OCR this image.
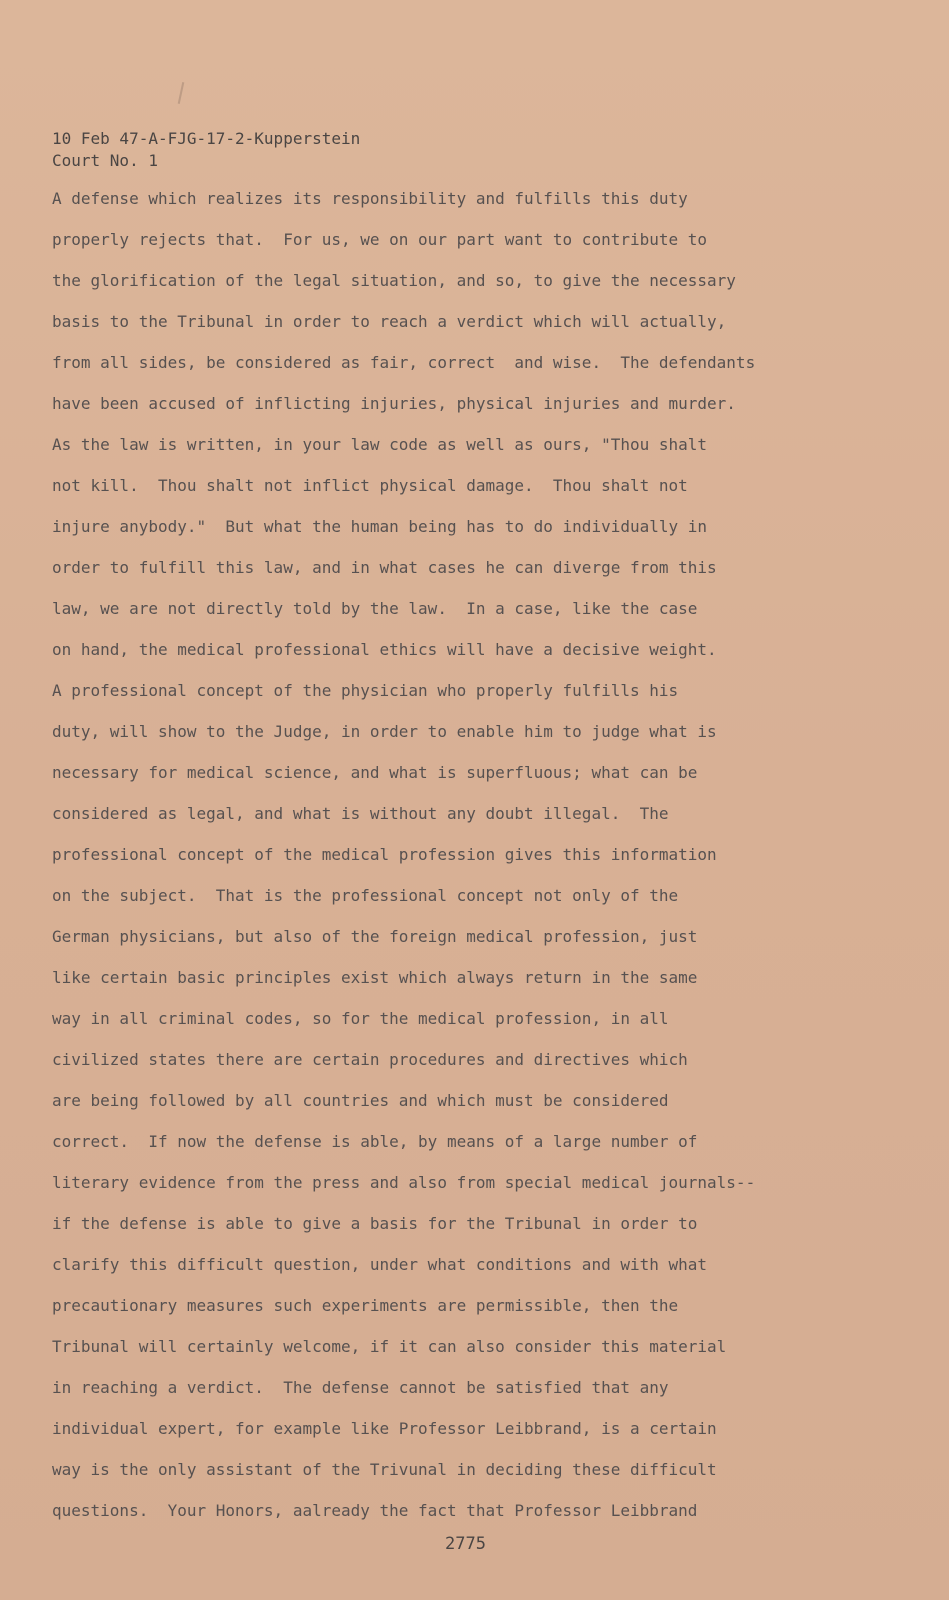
10 Feb 47-A-FJG-17-2-Kupperstein
Court No. 1
A defense which realizes its responsibility and fulfills this duty
properly rejects that.  For us, we on our part want to contribute to
the glorification of the legal situation, and so, to give the necessary
basis to the Tribunal in order to reach a verdict which will actually,
from all sides, be considered as fair, correct  and wise.  The defendants
have been accused of inflicting injuries, physical injuries and murder.
As the law is written, in your law code as well as ours, "Thou shalt
not kill.  Thou shalt not inflict physical damage.  Thou shalt not
injure anybody."  But what the human being has to do individually in
order to fulfill this law, and in what cases he can diverge from this
law, we are not directly told by the law.  In a case, like the case
on hand, the medical professional ethics will have a decisive weight.
A professional concept of the physician who properly fulfills his
duty, will show to the Judge, in order to enable him to judge what is
necessary for medical science, and what is superfluous; what can be
considered as legal, and what is without any doubt illegal.  The
professional concept of the medical profession gives this information
on the subject.  That is the professional concept not only of the
German physicians, but also of the foreign medical profession, just
like certain basic principles exist which always return in the same
way in all criminal codes, so for the medical profession, in all
civilized states there are certain procedures and directives which
are being followed by all countries and which must be considered
correct.  If now the defense is able, by means of a large number of
literary evidence from the press and also from special medical journals--
if the defense is able to give a basis for the Tribunal in order to
clarify this difficult question, under what conditions and with what
precautionary measures such experiments are permissible, then the
Tribunal will certainly welcome, if it can also consider this material
in reaching a verdict.  The defense cannot be satisfied that any
individual expert, for example like Professor Leibbrand, is a certain
way is the only assistant of the Trivunal in deciding these difficult
questions.  Your Honors, aalready the fact that Professor Leibbrand
2775
